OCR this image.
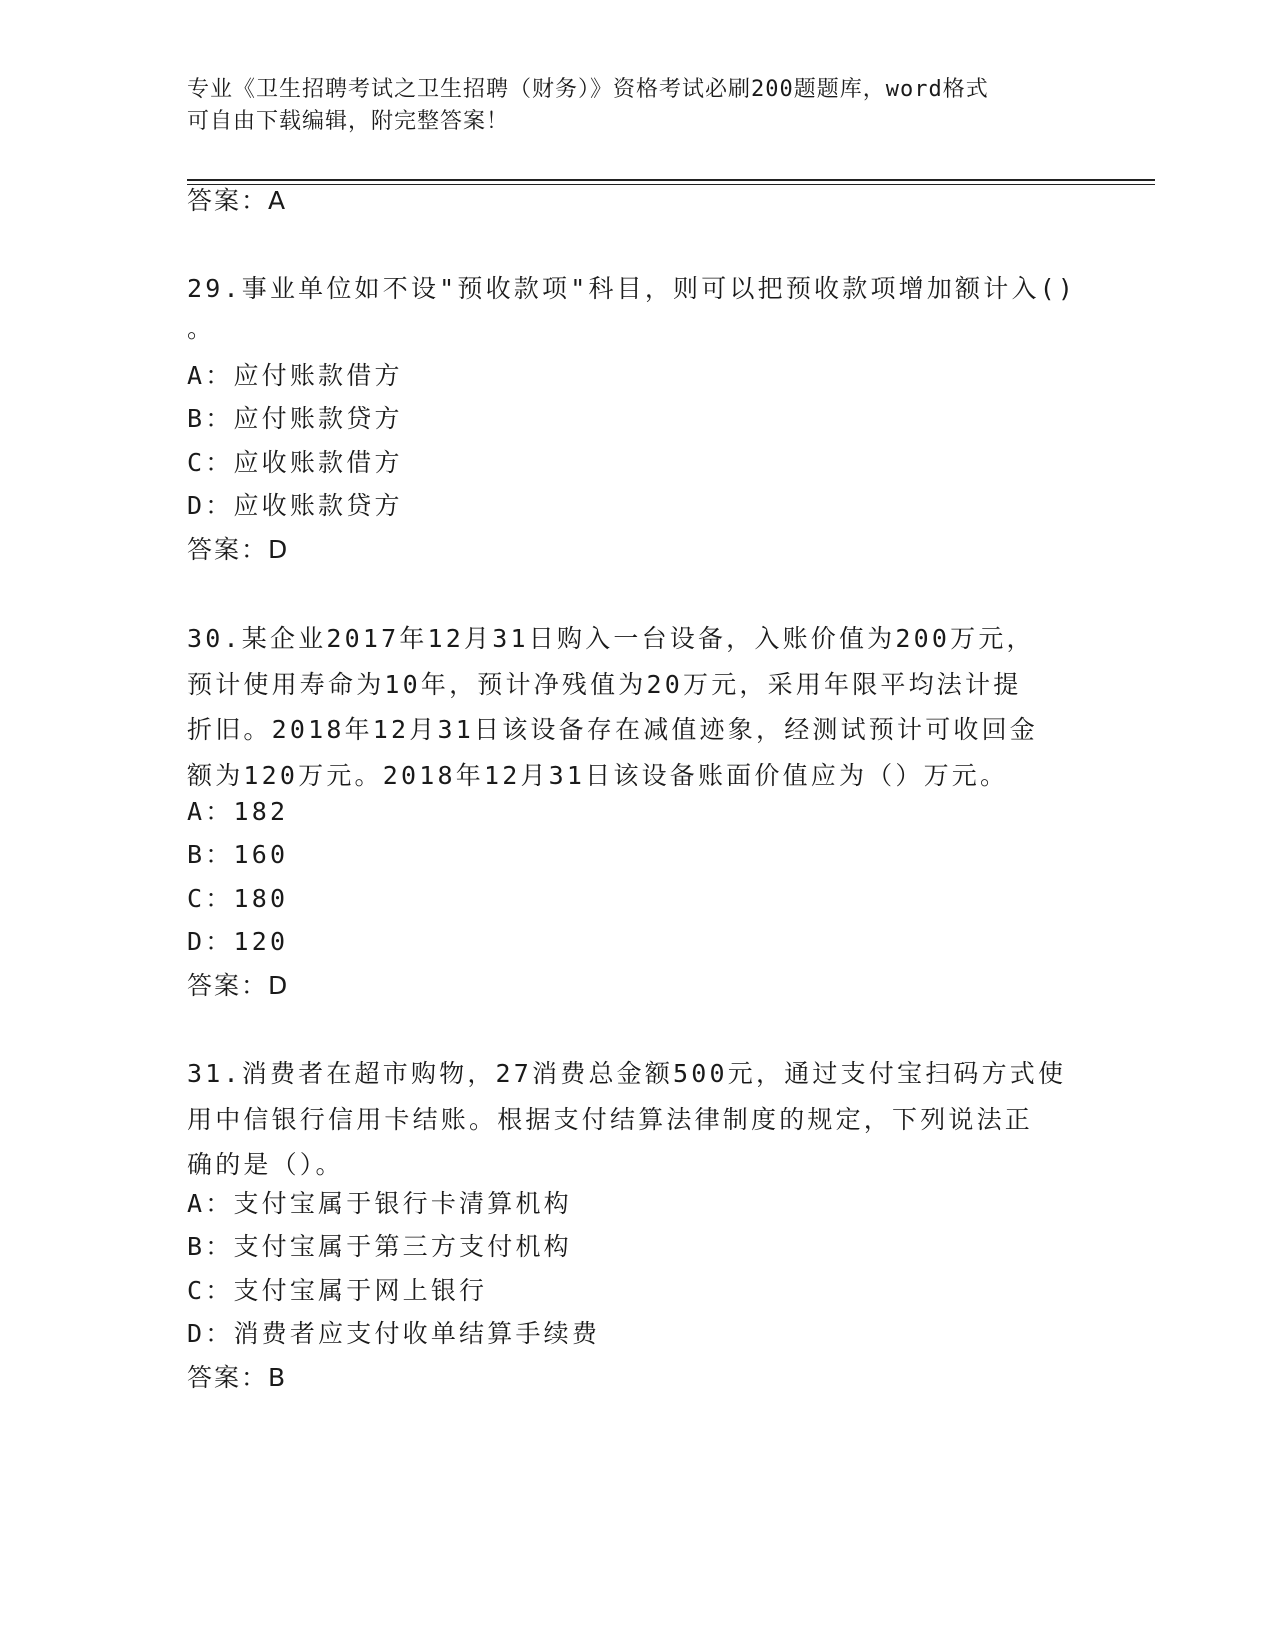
专业《卫生招聘考试之卫生招聘（财务）》资格考试必刷200题题库，word格式
可自由下载编辑，附完整答案！
答案：A
29.事业单位如不设"预收款项"科目，则可以把预收款项增加额计入()
。
A：应付账款借方
B：应付账款贷方
C：应收账款借方
D：应收账款贷方
答案：D
30.某企业2017年12月31日购入一台设备，入账价值为200万元，
预计使用寿命为10年，预计净残值为20万元，采用年限平均法计提
折旧。2018年12月31日该设备存在减值迹象，经测试预计可收回金
额为120万元。2018年12月31日该设备账面价值应为（）万元。
A：182
B：160
C：180
D：120
答案：D
31.消费者在超市购物，27消费总金额500元，通过支付宝扫码方式使
用中信银行信用卡结账。根据支付结算法律制度的规定，下列说法正
确的是（）。
A：支付宝属于银行卡清算机构
B：支付宝属于第三方支付机构
C：支付宝属于网上银行
D：消费者应支付收单结算手续费
答案：B
